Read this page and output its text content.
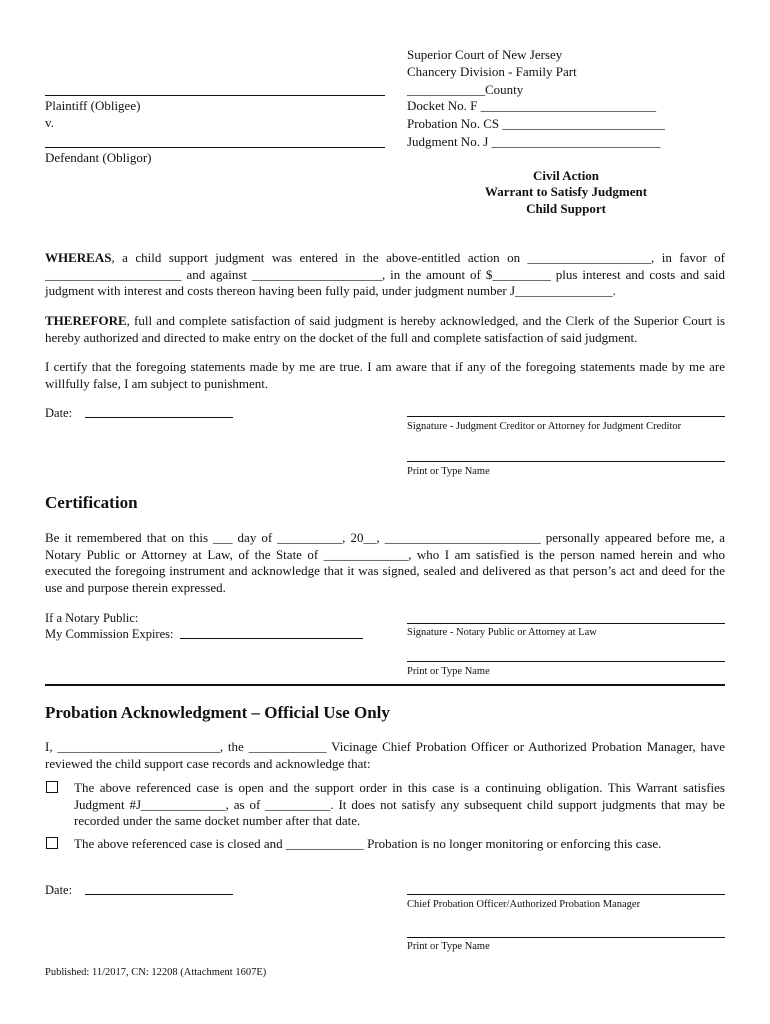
Superior Court of New Jersey
Chancery Division - Family Part
____________County
Plaintiff (Obligee)
v.
Defendant (Obligor)
Docket No. F ___________________________
Probation No. CS _________________________
Judgment No. J __________________________
Civil Action
Warrant to Satisfy Judgment
Child Support
WHEREAS, a child support judgment was entered in the above-entitled action on ___________________, in favor of _____________________ and against ____________________, in the amount of $_________ plus interest and costs and said judgment with interest and costs thereon having been fully paid, under judgment number J_______________.
THEREFORE, full and complete satisfaction of said judgment is hereby acknowledged, and the Clerk of the Superior Court is hereby authorized and directed to make entry on the docket of the full and complete satisfaction of said judgment.
I certify that the foregoing statements made by me are true. I am aware that if any of the foregoing statements made by me are willfully false, I am subject to punishment.
Date:
Signature - Judgment Creditor or Attorney for Judgment Creditor
Print or Type Name
Certification
Be it remembered that on this ___ day of __________, 20__, ________________________ personally appeared before me, a Notary Public or Attorney at Law, of the State of _____________, who I am satisfied is the person named herein and who executed the foregoing instrument and acknowledge that it was signed, sealed and delivered as that person’s act and deed for the use and purpose therein expressed.
If a Notary Public:
My Commission Expires:	Signature - Notary Public or Attorney at Law
Print or Type Name
Probation Acknowledgment – Official Use Only
I, _________________________, the ____________ Vicinage Chief Probation Officer or Authorized Probation Manager, have reviewed the child support case records and acknowledge that:
The above referenced case is open and the support order in this case is a continuing obligation. This Warrant satisfies Judgment #J_____________, as of __________. It does not satisfy any subsequent child support judgments that may be recorded under the same docket number after that date.
The above referenced case is closed and ____________ Probation is no longer monitoring or enforcing this case.
Date:
Chief Probation Officer/Authorized Probation Manager
Print or Type Name
Published: 11/2017, CN: 12208 (Attachment 1607E)
